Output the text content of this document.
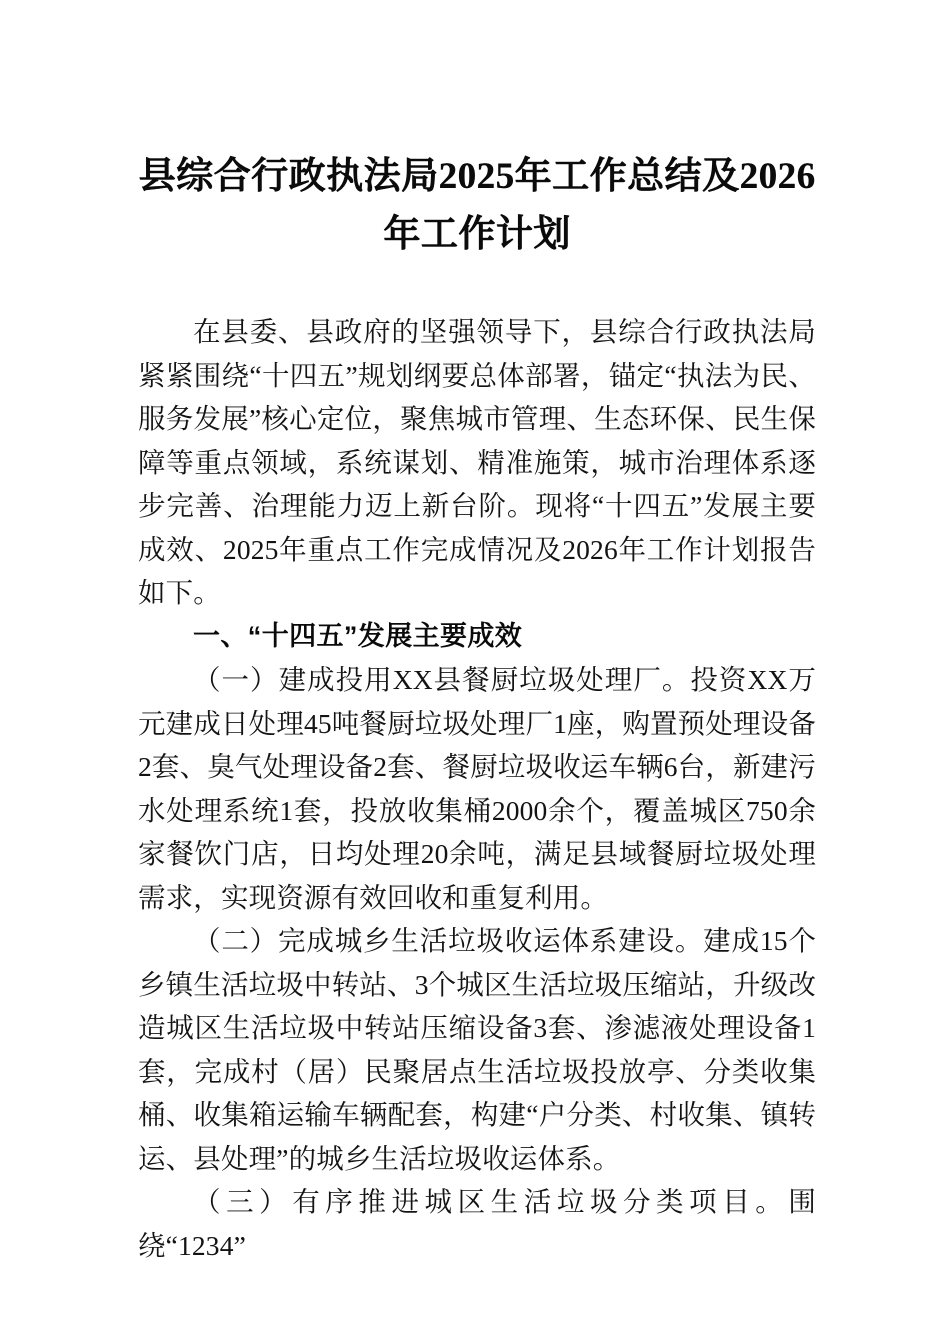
县综合行政执法局2025年工作总结及2026年工作计划

在县委、县政府的坚强领导下，县综合行政执法局紧紧围绕“十四五”规划纲要总体部署，锚定“执法为民、服务发展”核心定位，聚焦城市管理、生态环保、民生保障等重点领域，系统谋划、精准施策，城市治理体系逐步完善、治理能力迈上新台阶。现将“十四五”发展主要成效、2025年重点工作完成情况及2026年工作计划报告如下。

一、“十四五”发展主要成效

（一）建成投用XX县餐厨垃圾处理厂。投资XX万元建成日处理45吨餐厨垃圾处理厂1座，购置预处理设备2套、臭气处理设备2套、餐厨垃圾收运车辆6台，新建污水处理系统1套，投放收集桶2000余个，覆盖城区750余家餐饮门店，日均处理20余吨，满足县域餐厨垃圾处理需求，实现资源有效回收和重复利用。

（二）完成城乡生活垃圾收运体系建设。建成15个乡镇生活垃圾中转站、3个城区生活垃圾压缩站，升级改造城区生活垃圾中转站压缩设备3套、渗滤液处理设备1套，完成村（居）民聚居点生活垃圾投放亭、分类收集桶、收集箱运输车辆配套，构建“户分类、村收集、镇转运、县处理”的城乡生活垃圾收运体系。

（三）有序推进城区生活垃圾分类项目。围绕“1234”
